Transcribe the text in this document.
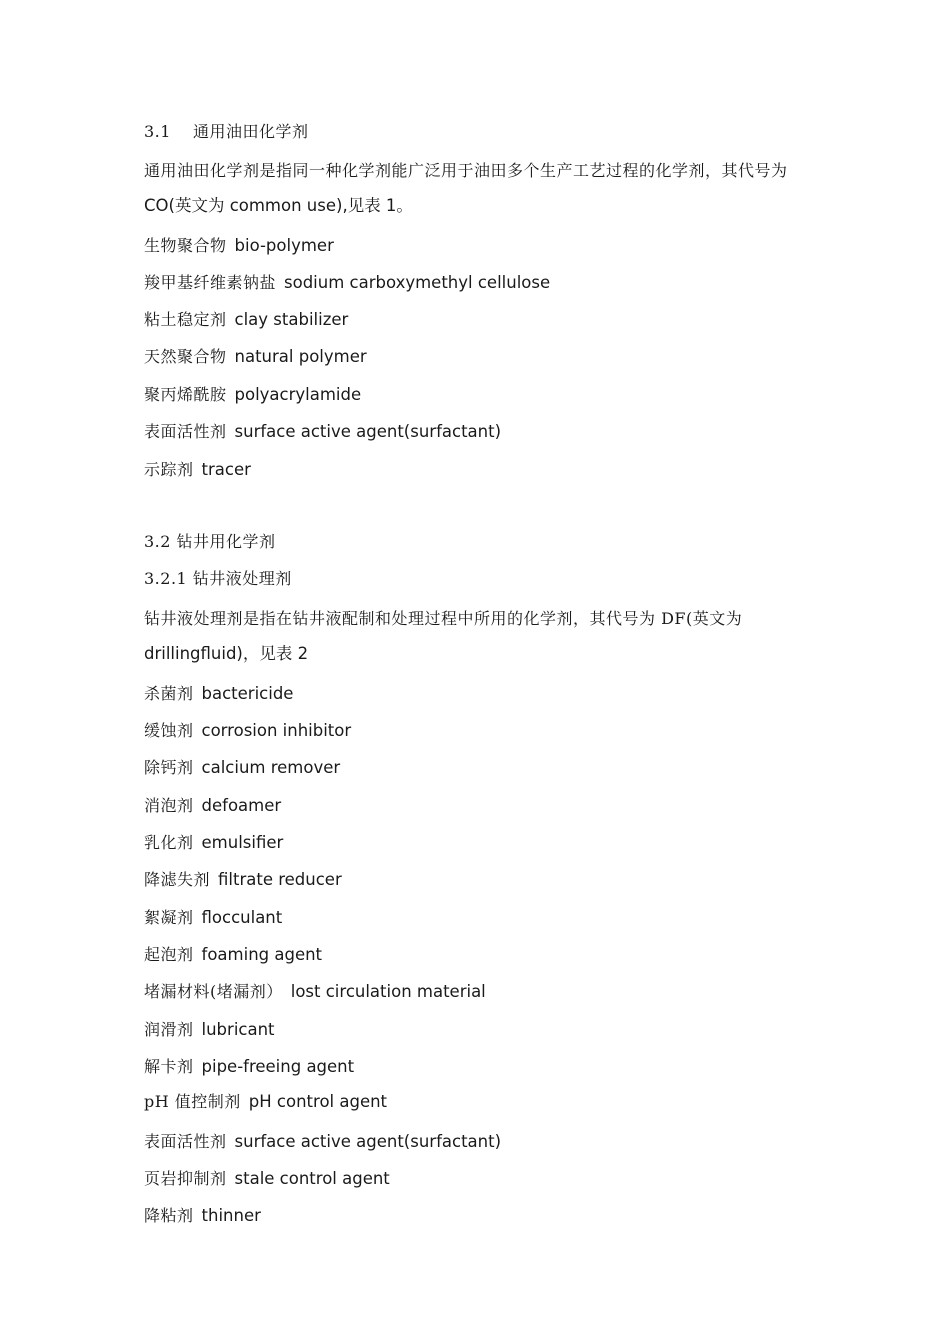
3.1　 通用油田化学剂
通用油田化学剂是指同一种化学剂能广泛用于油田多个生产工艺过程的化学剂，其代号为
CO(英文为 common use),见表 1。
生物聚合物 bio-polymer
羧甲基纤维素钠盐 sodium carboxymethyl cellulose
粘土稳定剂 clay stabilizer
天然聚合物 natural polymer
聚丙烯酰胺 polyacrylamide
表面活性剂 surface active agent(surfactant)
示踪剂 tracer
3.2 钻井用化学剂
3.2.1 钻井液处理剂
钻井液处理剂是指在钻井液配制和处理过程中所用的化学剂，其代号为 DF(英文为
drillingfluid)，见表 2
杀菌剂 bactericide
缓蚀剂 corrosion inhibitor
除钙剂 calcium remover
消泡剂 defoamer
乳化剂 emulsifier
降滤失剂 filtrate reducer
絮凝剂 flocculant
起泡剂 foaming agent
堵漏材料(堵漏剂） lost circulation material
润滑剂 lubricant
解卡剂 pipe-freeing agent
pH 值控制剂 pH control agent
表面活性剂 surface active agent(surfactant)
页岩抑制剂 stale control agent
降粘剂 thinner
